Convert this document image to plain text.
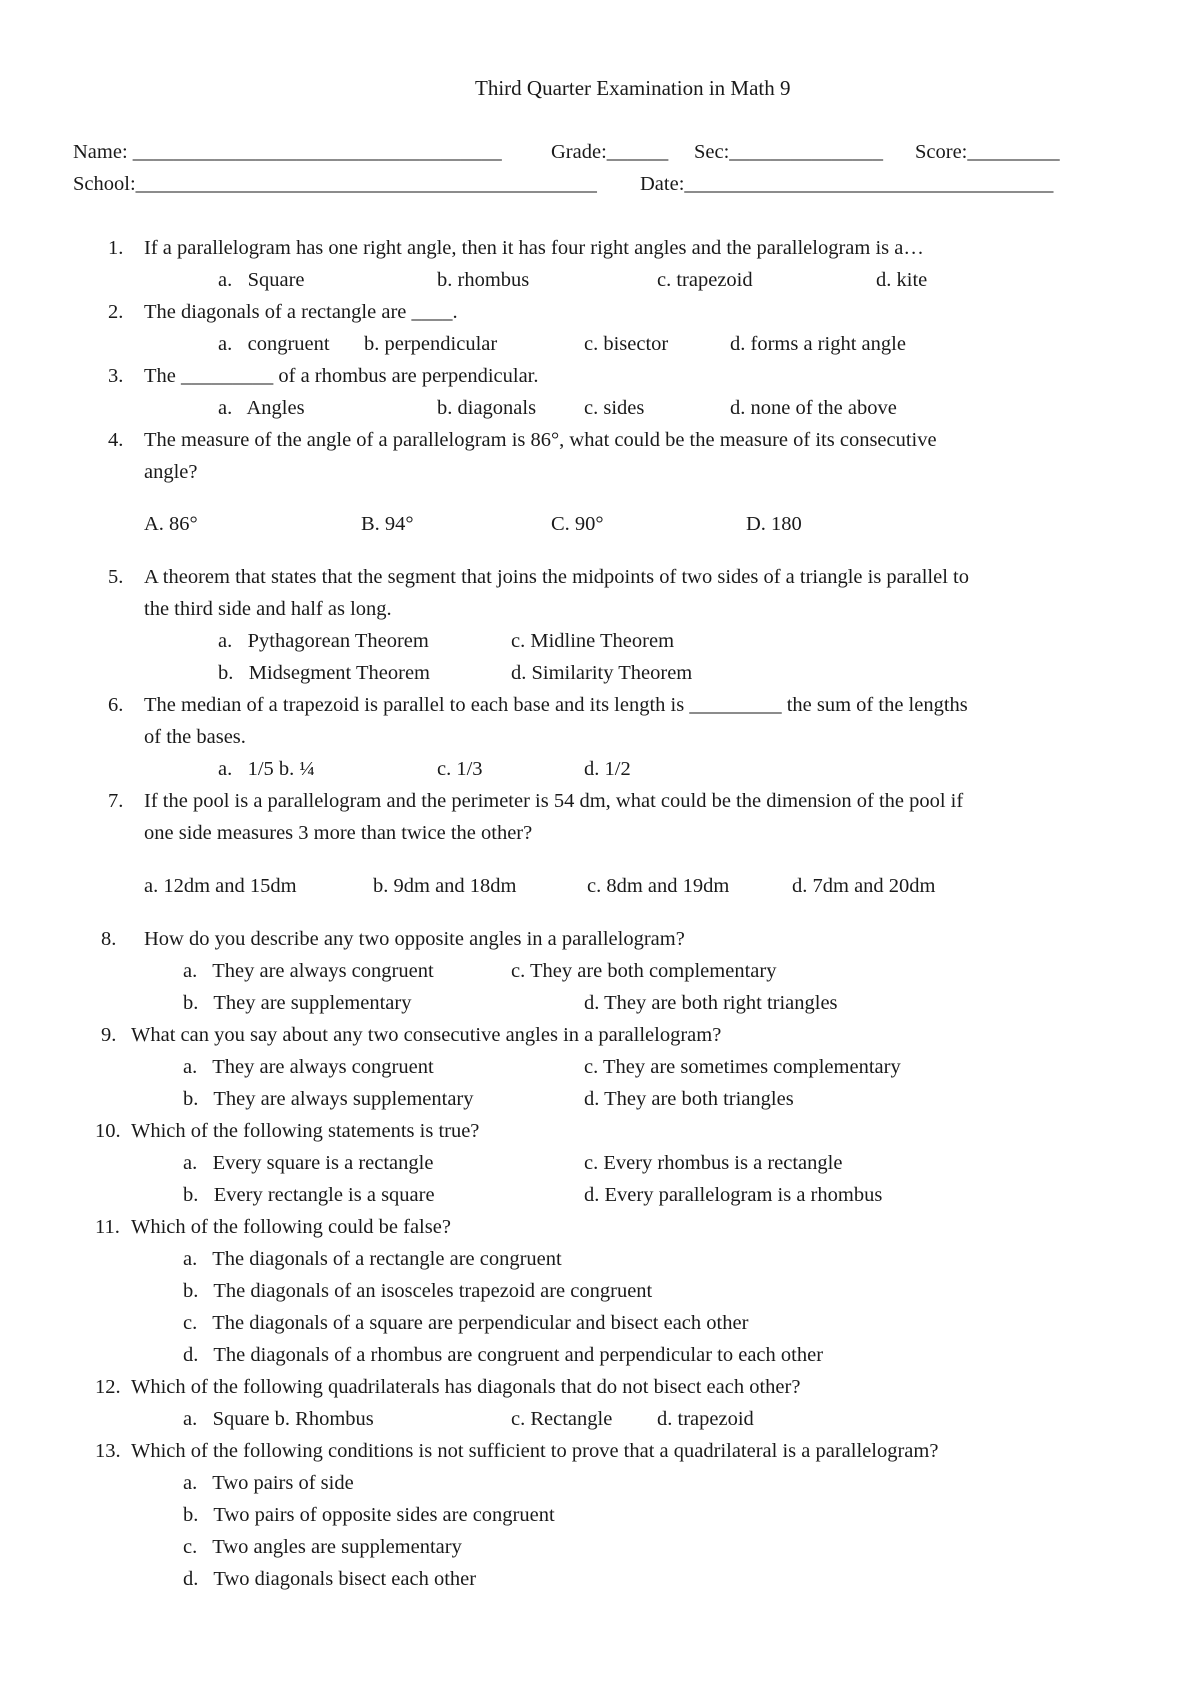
Third Quarter Examination in Math 9
Name: ____________________________________ Grade:______ Sec:_______________ Score:_________
School:_____________________________________________ Date:____________________________________
1. If a parallelogram has one right angle, then it has four right angles and the parallelogram is a…
a.   Square	b. rhombus	c. trapezoid	d. kite
2. The diagonals of a rectangle are ____.
a.   congruent b. perpendicular	c. bisector	d. forms a right angle
3. The _________ of a rhombus are perpendicular.
a.   Angles	b. diagonals c. sides	d. none of the above
4. The measure of the angle of a parallelogram is 86°, what could be the measure of its consecutive
angle?
A. 86°	B. 94°	C. 90°	D. 180
5. A theorem that states that the segment that joins the midpoints of two sides of a triangle is parallel to
the third side and half as long.
a.   Pythagorean Theorem	c. Midline Theorem
b.   Midsegment Theorem	d. Similarity Theorem
6. The median of a trapezoid is parallel to each base and its length is _________ the sum of the lengths
of the bases.
a.   1/5 b. ¼	c. 1/3	d. 1/2
7. If the pool is a parallelogram and the perimeter is 54 dm, what could be the dimension of the pool if
one side measures 3 more than twice the other?
a. 12dm and 15dm	b. 9dm and 18dm	c. 8dm and 19dm	d. 7dm and 20dm
8. How do you describe any two opposite angles in a parallelogram?
a.   They are always congruent	c. They are both complementary
b.   They are supplementary	d. They are both right triangles
9. What can you say about any two consecutive angles in a parallelogram?
a.   They are always congruent	c. They are sometimes complementary
b.   They are always supplementary	d. They are both triangles
10. Which of the following statements is true?
a.   Every square is a rectangle	c. Every rhombus is a rectangle
b.   Every rectangle is a square	d. Every parallelogram is a rhombus
11. Which of the following could be false?
a.   The diagonals of a rectangle are congruent
b.   The diagonals of an isosceles trapezoid are congruent
c.   The diagonals of a square are perpendicular and bisect each other
d.   The diagonals of a rhombus are congruent and perpendicular to each other
12. Which of the following quadrilaterals has diagonals that do not bisect each other?
a.   Square b. Rhombus	c. Rectangle d. trapezoid
13. Which of the following conditions is not sufficient to prove that a quadrilateral is a parallelogram?
a.   Two pairs of side
b.   Two pairs of opposite sides are congruent
c.   Two angles are supplementary
d.   Two diagonals bisect each other
